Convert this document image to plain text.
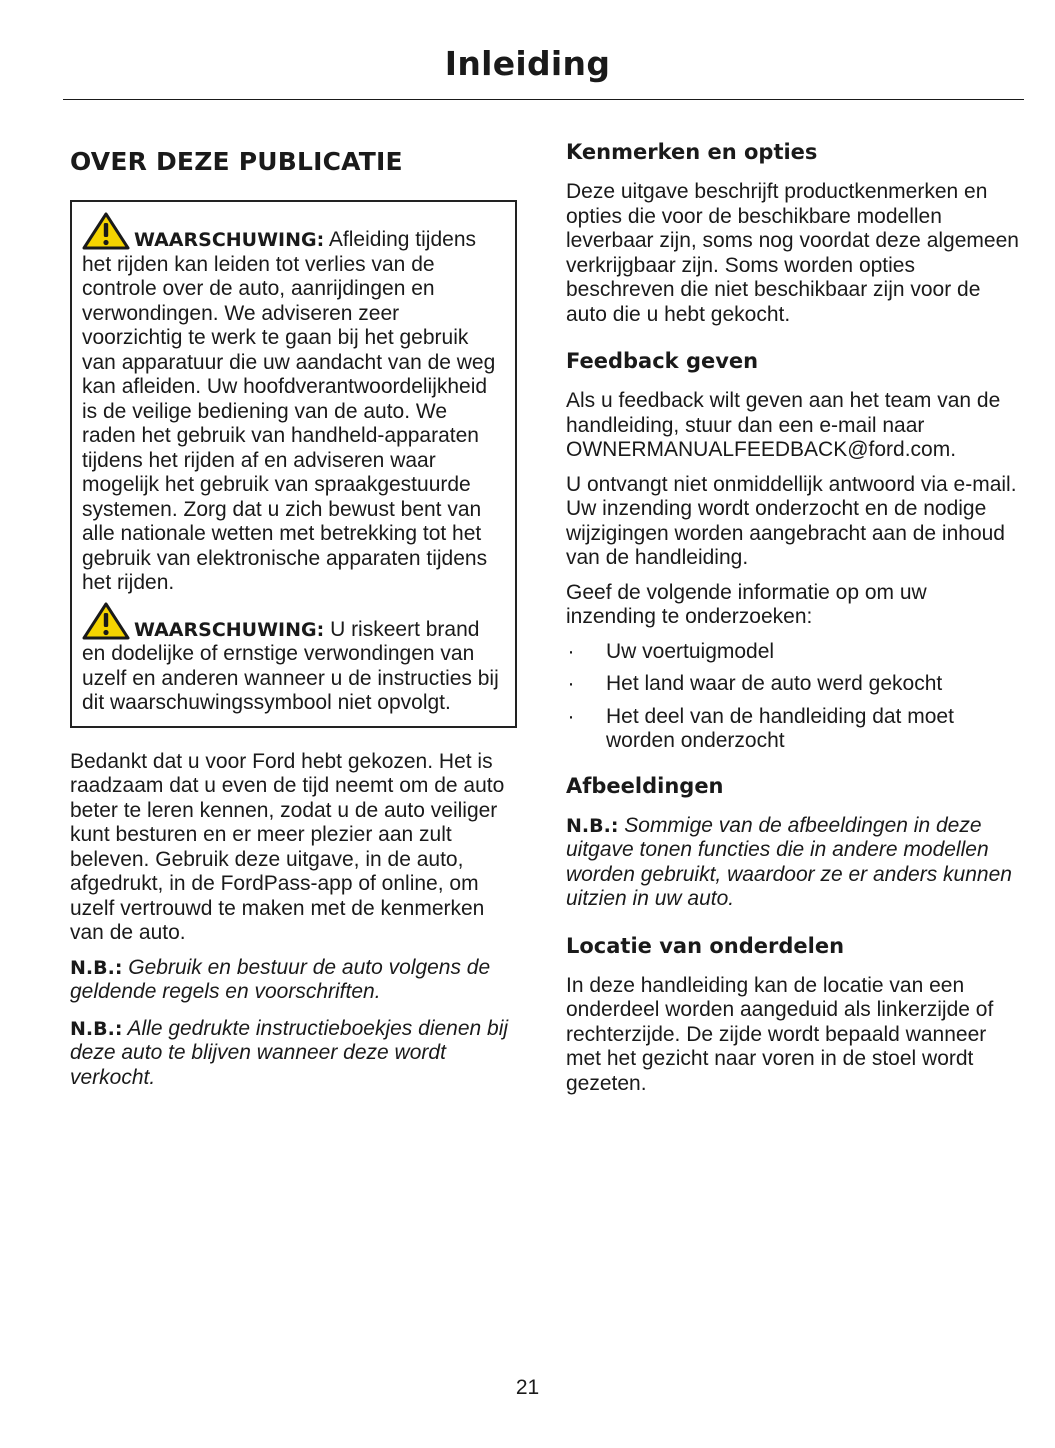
Inleiding
OVER DEZE PUBLICATIE

WAARSCHUWING: Afleiding tijdens het rijden kan leiden tot verlies van de controle over de auto, aanrijdingen en verwondingen. We adviseren zeer voorzichtig te werk te gaan bij het gebruik van apparatuur die uw aandacht van de weg kan afleiden. Uw hoofdverantwoordelijkheid is de veilige bediening van de auto. We raden het gebruik van handheld-apparaten tijdens het rijden af en adviseren waar mogelijk het gebruik van spraakgestuurde systemen. Zorg dat u zich bewust bent van alle nationale wetten met betrekking tot het gebruik van elektronische apparaten tijdens het rijden.

WAARSCHUWING: U riskeert brand en dodelijke of ernstige verwondingen van uzelf en anderen wanneer u de instructies bij dit waarschuwingssymbool niet opvolgt.

Bedankt dat u voor Ford hebt gekozen. Het is raadzaam dat u even de tijd neemt om de auto beter te leren kennen, zodat u de auto veiliger kunt besturen en er meer plezier aan zult beleven. Gebruik deze uitgave, in de auto, afgedrukt, in de FordPass-app of online, om uzelf vertrouwd te maken met de kenmerken van de auto.

N.B.: Gebruik en bestuur de auto volgens de geldende regels en voorschriften.

N.B.: Alle gedrukte instructieboekjes dienen bij deze auto te blijven wanneer deze wordt verkocht.

Kenmerken en opties

Deze uitgave beschrijft productkenmerken en opties die voor de beschikbare modellen leverbaar zijn, soms nog voordat deze algemeen verkrijgbaar zijn. Soms worden opties beschreven die niet beschikbaar zijn voor de auto die u hebt gekocht.

Feedback geven

Als u feedback wilt geven aan het team van de handleiding, stuur dan een e-mail naar OWNERMANUALFEEDBACK@ford.com.

U ontvangt niet onmiddellijk antwoord via e-mail. Uw inzending wordt onderzocht en de nodige wijzigingen worden aangebracht aan de inhoud van de handleiding.

Geef de volgende informatie op om uw inzending te onderzoeken:

· Uw voertuigmodel
· Het land waar de auto werd gekocht
· Het deel van de handleiding dat moet worden onderzocht
Afbeeldingen

N.B.: Sommige van de afbeeldingen in deze uitgave tonen functies die in andere modellen worden gebruikt, waardoor ze er anders kunnen uitzien in uw auto.

Locatie van onderdelen

In deze handleiding kan de locatie van een onderdeel worden aangeduid als linkerzijde of rechterzijde. De zijde wordt bepaald wanneer met het gezicht naar voren in de stoel wordt gezeten.

21
